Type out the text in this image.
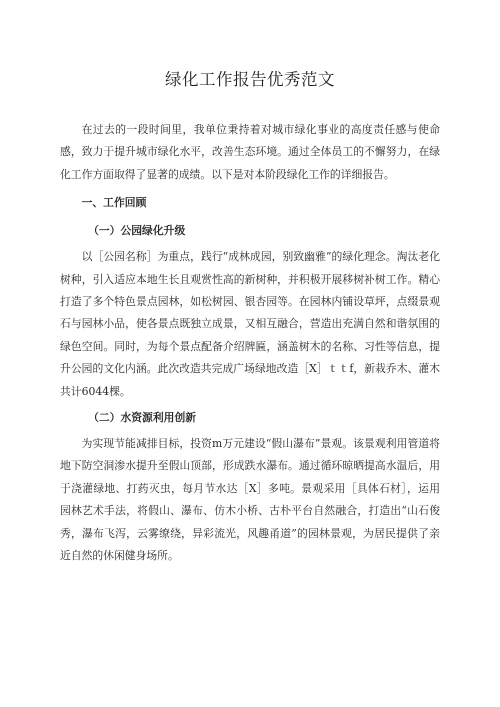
绿化工作报告优秀范文

在过去的一段时间里，我单位秉持着对城市绿化事业的高度责任感与使命感，致力于提升城市绿化水平，改善生态环境。通过全体员工的不懈努力，在绿化工作方面取得了显著的成绩。以下是对本阶段绿化工作的详细报告。

一、工作回顾
（一）公园绿化升级

以［公园名称］为重点，践行“成林成园，别致幽雅”的绿化理念。淘汰老化树种，引入适应本地生长且观赏性高的新树种，并积极开展移树补树工作。精心打造了多个特色景点园林，如松树园、银杏园等。在园林内铺设草坪，点缀景观石与园林小品，使各景点既独立成景，又相互融合，营造出充满自然和谐氛围的绿色空间。同时，为每个景点配备介绍牌匾，涵盖树木的名称、习性等信息，提升公园的文化内涵。此次改造共完成广场绿地改造［X］ｔｔf，新栽乔木、灌木共计6044棵。

（二）水资源利用创新

为实现节能减排目标，投资m万元建设“假山瀑布”景观。该景观利用管道将地下防空洞渗水提升至假山顶部，形成跌水瀑布。通过循环晾晒提高水温后，用于浇灌绿地、打药灭虫，每月节水达［X］多吨。景观采用［具体石材］，运用园林艺术手法，将假山、瀑布、仿木小桥、古朴平台自然融合，打造出“山石俊秀，瀑布飞泻，云雾缭绕，异彩流光，风趣甬道”的园林景观，为居民提供了亲近自然的休闲健身场所。
